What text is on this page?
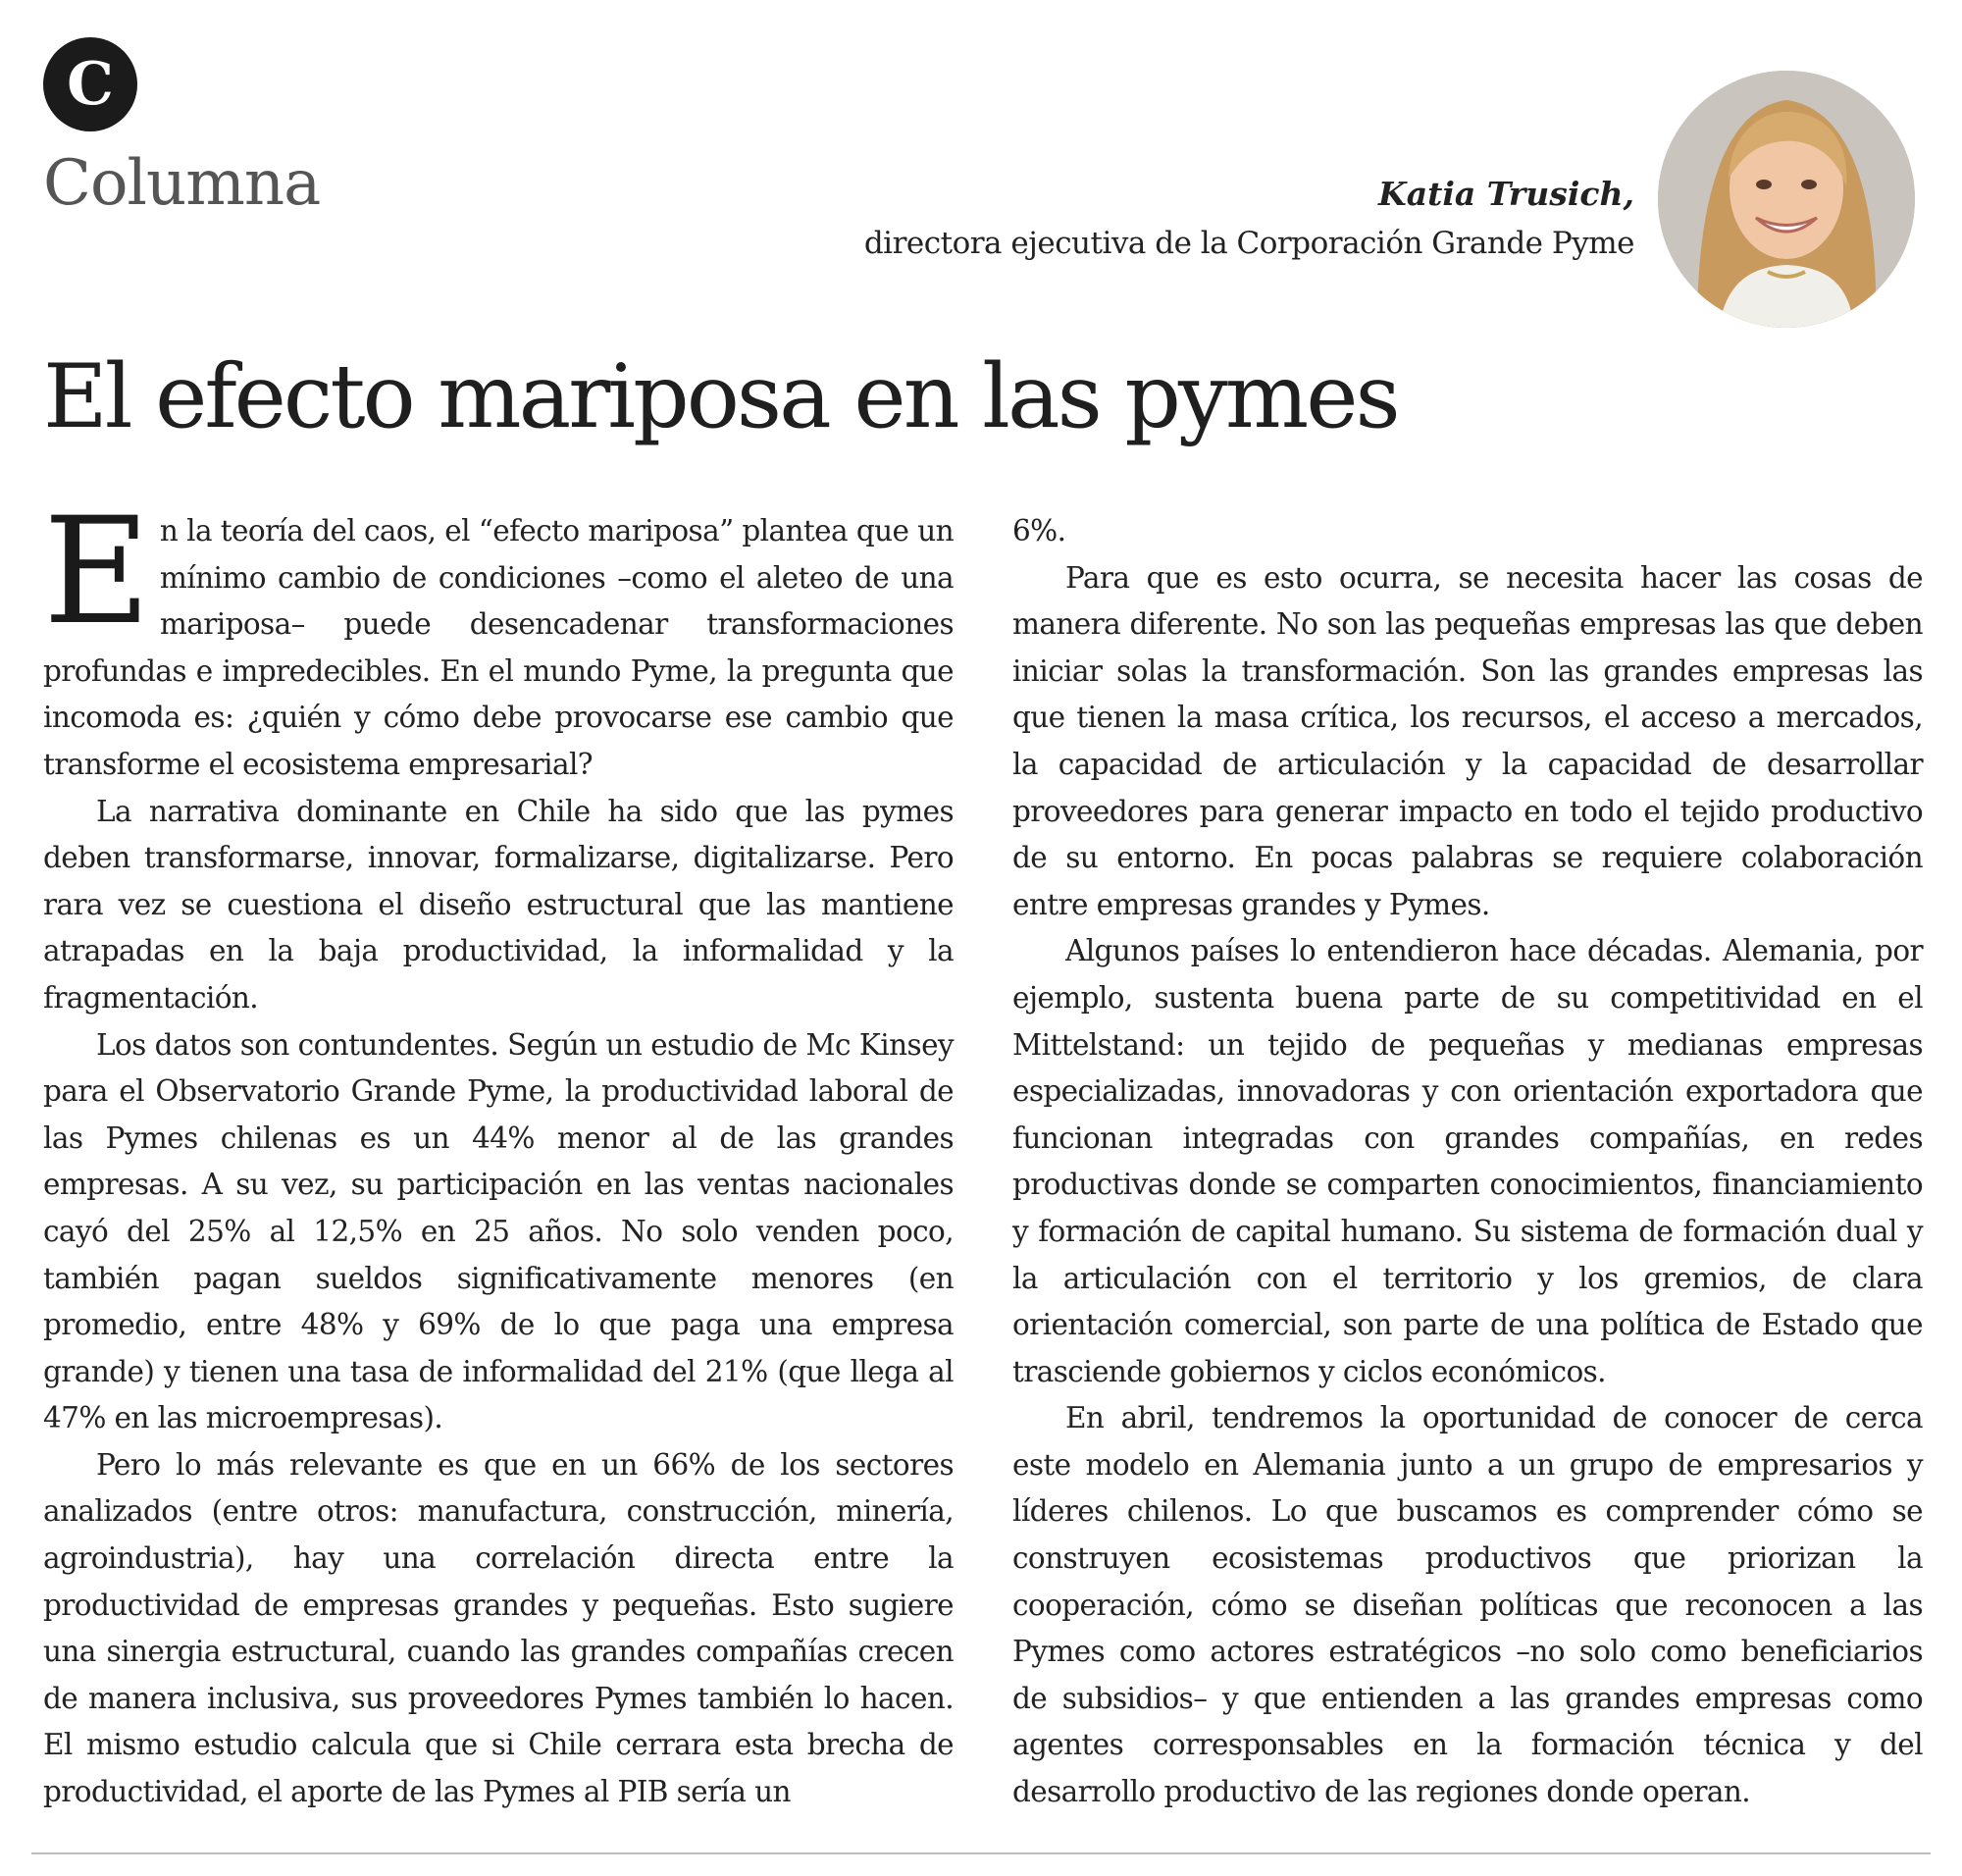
C
Columna	Katia Trusich,
directora ejecutiva de la Corporación Grande Pyme
El efecto mariposa en las pymes

En la teoría del caos, el “efecto mariposa” plantea que un mínimo cambio de condiciones –como el aleteo de una mariposa– puede desencadenar transformaciones profundas e impredecibles. En el mundo Pyme, la pregunta que incomoda es: ¿quién y cómo debe provocarse ese cambio que transforme el ecosistema empresarial?

La narrativa dominante en Chile ha sido que las pymes deben transformarse, innovar, formalizarse, digitalizarse. Pero rara vez se cuestiona el diseño estructural que las mantiene atrapadas en la baja productividad, la informalidad y la fragmentación.

Los datos son contundentes. Según un estudio de Mc Kinsey para el Observatorio Grande Pyme, la productividad laboral de las Pymes chilenas es un 44% menor al de las grandes empresas. A su vez, su participación en las ventas nacionales cayó del 25% al 12,5% en 25 años. No solo venden poco, también pagan sueldos significativamente menores (en promedio, entre 48% y 69% de lo que paga una empresa grande) y tienen una tasa de informalidad del 21% (que llega al 47% en las microempresas).

Pero lo más relevante es que en un 66% de los sectores analizados (entre otros: manufactura, construcción, minería, agroindustria), hay una correlación directa entre la productividad de empresas grandes y pequeñas. Esto sugiere una sinergia estructural, cuando las grandes compañías crecen de manera inclusiva, sus proveedores Pymes también lo hacen. El mismo estudio calcula que si Chile cerrara esta brecha de productividad, el aporte de las Pymes al PIB sería un

6%.

Para que es esto ocurra, se necesita hacer las cosas de manera diferente. No son las pequeñas empresas las que deben iniciar solas la transformación. Son las grandes empresas las que tienen la masa crítica, los recursos, el acceso a mercados, la capacidad de articulación y la capacidad de desarrollar proveedores para generar impacto en todo el tejido productivo de su entorno. En pocas palabras se requiere colaboración entre empresas grandes y Pymes.

Algunos países lo entendieron hace décadas. Alemania, por ejemplo, sustenta buena parte de su competitividad en el Mittelstand: un tejido de pequeñas y medianas empresas especializadas, innovadoras y con orientación exportadora que funcionan integradas con grandes compañías, en redes productivas donde se comparten conocimientos, financiamiento y formación de capital humano. Su sistema de formación dual y la articulación con el territorio y los gremios, de clara orientación comercial, son parte de una política de Estado que trasciende gobiernos y ciclos económicos.

En abril, tendremos la oportunidad de conocer de cerca este modelo en Alemania junto a un grupo de empresarios y líderes chilenos. Lo que buscamos es comprender cómo se construyen ecosistemas productivos que priorizan la cooperación, cómo se diseñan políticas que reconocen a las Pymes como actores estratégicos –no solo como beneficiarios de subsidios– y que entienden a las grandes empresas como agentes corresponsables en la formación técnica y del desarrollo productivo de las regiones donde operan.
